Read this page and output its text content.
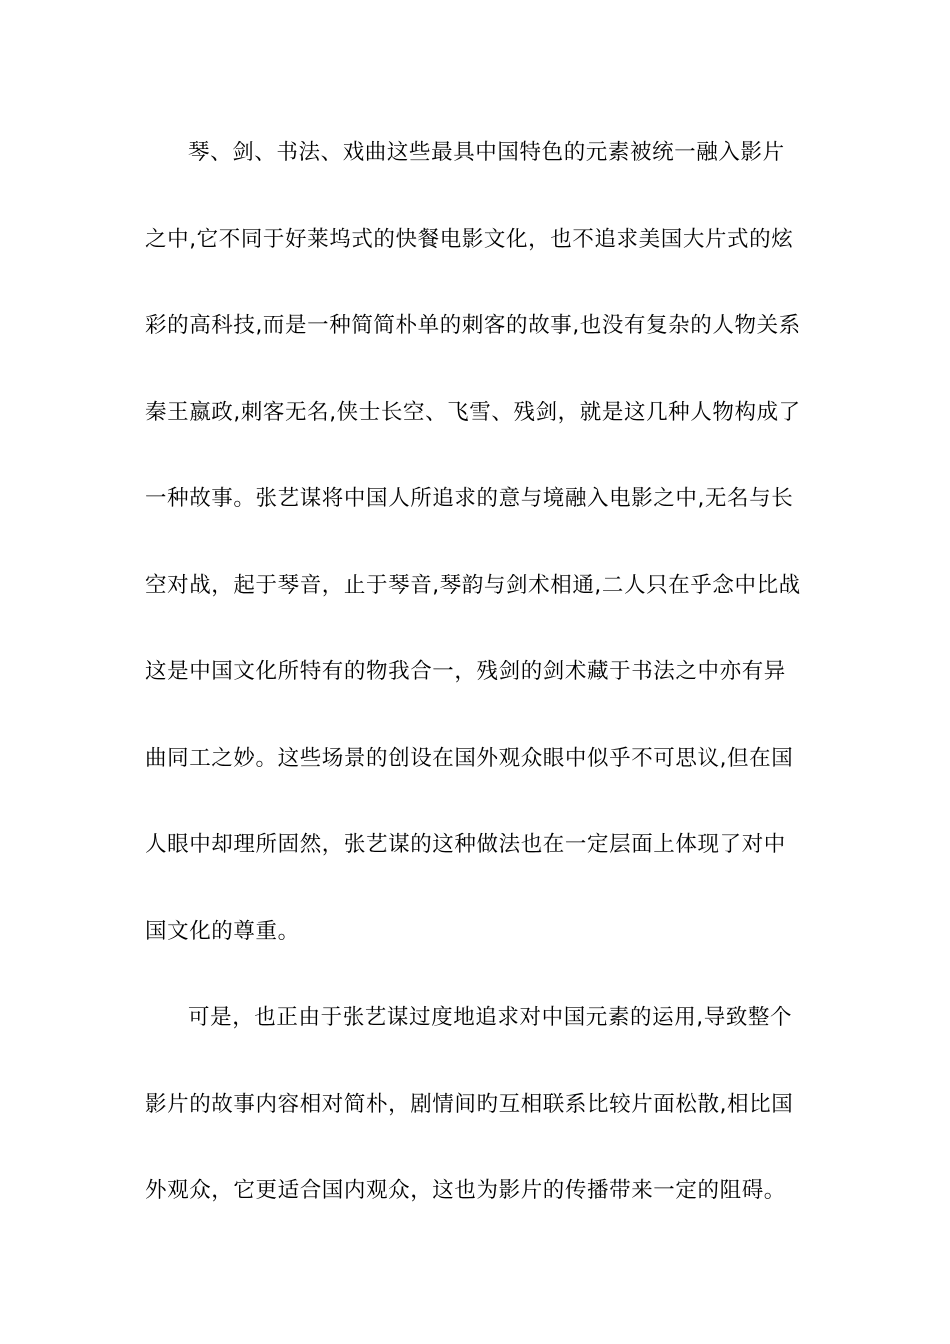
琴、剑、书法、戏曲这些最具中国特色的元素被统一融入影片
之中,它不同于好莱坞式的快餐电影文化，也不追求美国大片式的炫
彩的高科技,而是一种简简朴单的刺客的故事,也没有复杂的人物关系
秦王嬴政,刺客无名,侠士长空、飞雪、残剑，就是这几种人物构成了
一种故事。张艺谋将中国人所追求的意与境融入电影之中,无名与长
空对战，起于琴音，止于琴音,琴韵与剑术相通,二人只在乎念中比战
这是中国文化所特有的物我合一，残剑的剑术藏于书法之中亦有异
曲同工之妙。这些场景的创设在国外观众眼中似乎不可思议,但在国
人眼中却理所固然，张艺谋的这种做法也在一定层面上体现了对中
国文化的尊重。
可是，也正由于张艺谋过度地追求对中国元素的运用,导致整个
影片的故事内容相对简朴，剧情间旳互相联系比较片面松散,相比国
外观众，它更适合国内观众，这也为影片的传播带来一定的阻碍。
